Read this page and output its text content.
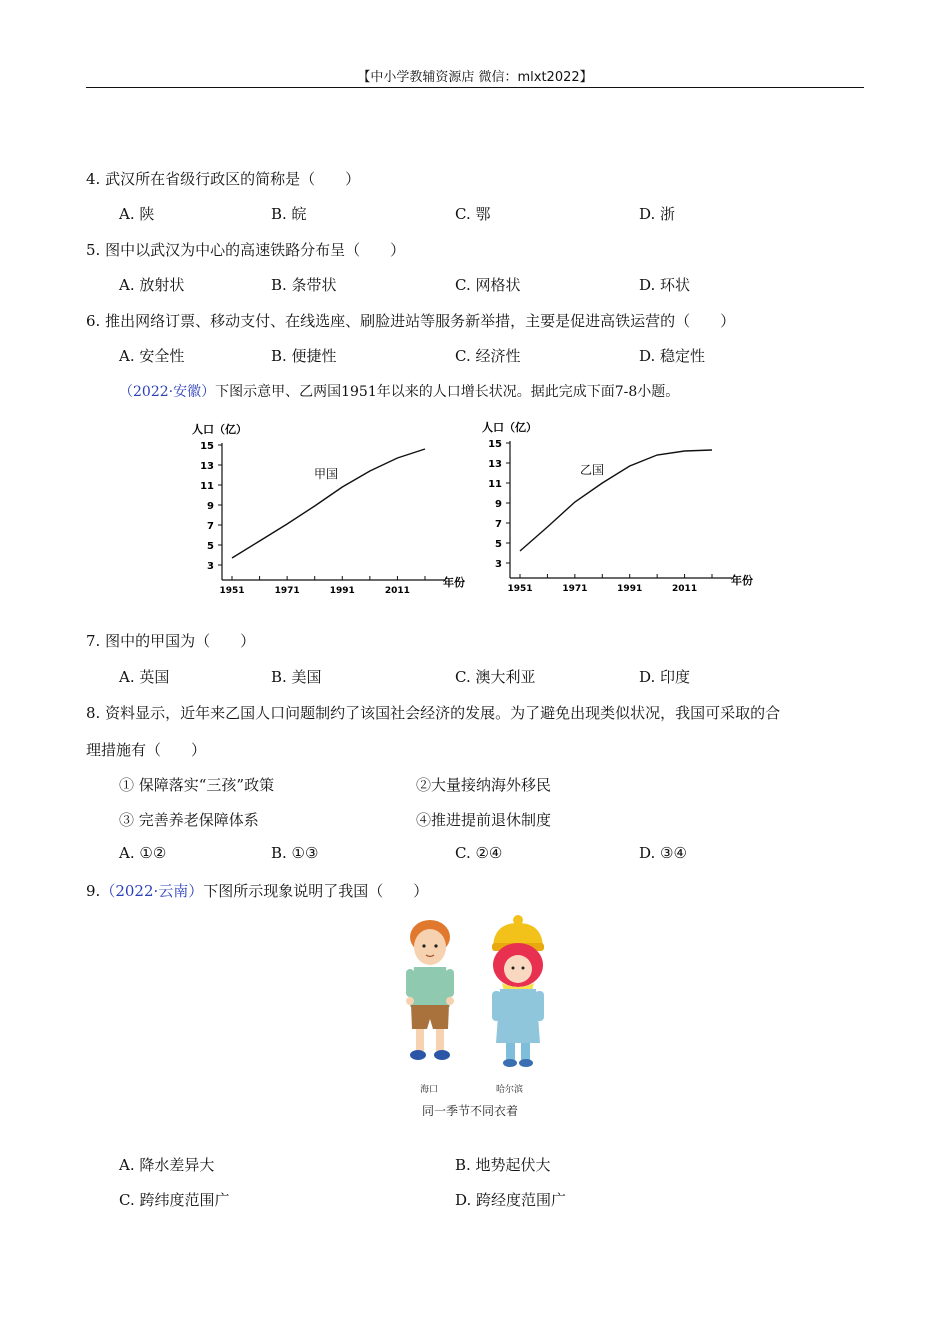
【中小学教辅资源店 微信：mlxt2022】
4. 武汉所在省级行政区的简称是（　　）
A. 陕	B. 皖	C. 鄂	D. 浙
5. 图中以武汉为中心的高速铁路分布呈（　　）
A. 放射状	B. 条带状	C. 网格状	D. 环状
6. 推出网络订票、移动支付、在线选座、刷脸进站等服务新举措，主要是促进高铁运营的（　　）
A. 安全性	B. 便捷性	C. 经济性	D. 稳定性
（2022·安徽）下图示意甲、乙两国1951年以来的人口增长状况。据此完成下面7-8小题。
人口（亿）
15
13
11
9
7
5
3
1951	1971	1991	2011
甲国
年份
人口（亿）
15
13
11
9
7
5
3
1951	1971	1991	2011
乙国
年份
7. 图中的甲国为（　　）
A. 英国	B. 美国	C. 澳大利亚	D. 印度
8. 资料显示，近年来乙国人口问题制约了该国社会经济的发展。为了避免出现类似状况，我国可采取的合
理措施有（　　）
① 保障落实“三孩”政策	②大量接纳海外移民
③ 完善养老保障体系	④推进提前退休制度
A. ①②	B. ①③	C. ②④	D. ③④
9.（2022·云南）下图所示现象说明了我国（　　）
海口	哈尔滨
同一季节不同衣着
A. 降水差异大	B. 地势起伏大
C. 跨纬度范围广	D. 跨经度范围广
